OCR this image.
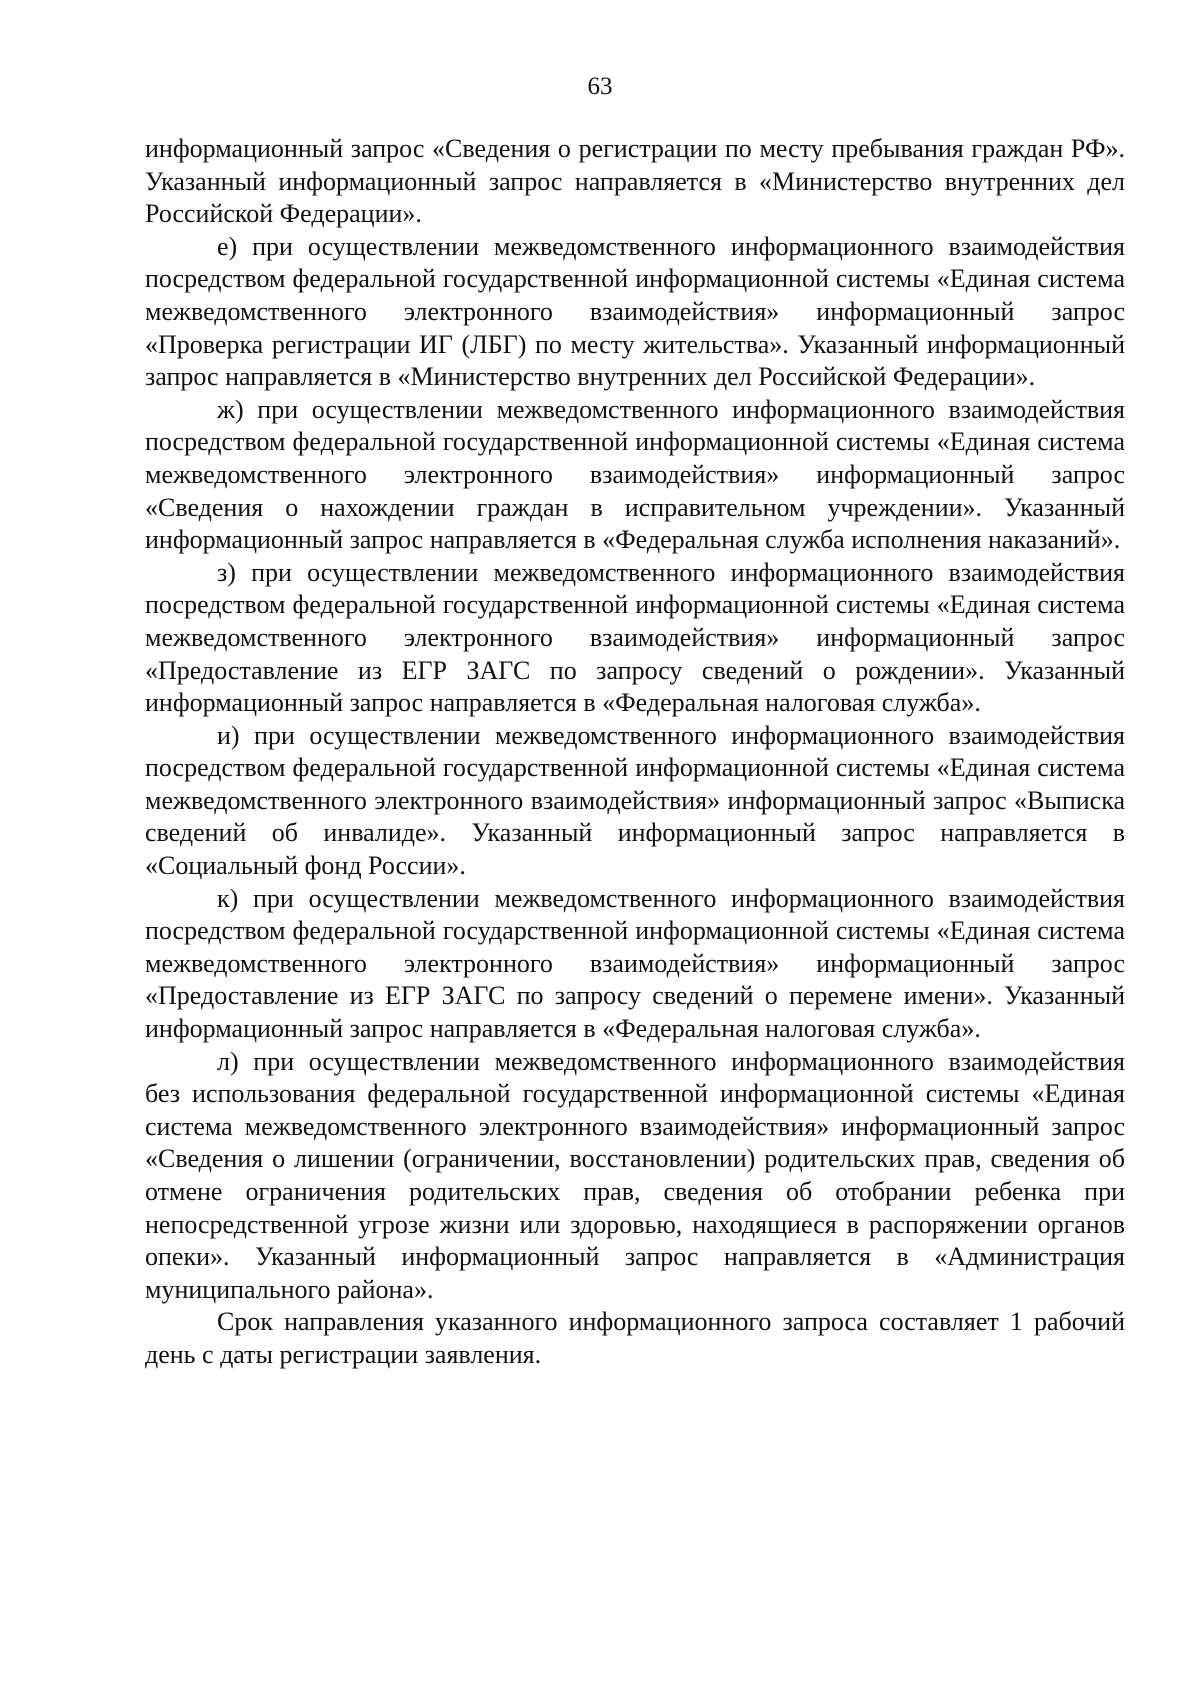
63

информационный запрос «Сведения о регистрации по месту пребывания граждан РФ». Указанный информационный запрос направляется в «Министерство внутренних дел Российской Федерации».

е) при осуществлении межведомственного информационного взаимодействия посредством федеральной государственной информационной системы «Единая система межведомственного электронного взаимодействия» информационный запрос «Проверка регистрации ИГ (ЛБГ) по месту жительства». Указанный информационный запрос направляется в «Министерство внутренних дел Российской Федерации».

ж) при осуществлении межведомственного информационного взаимодействия посредством федеральной государственной информационной системы «Единая система межведомственного электронного взаимодействия» информационный запрос «Сведения о нахождении граждан в исправительном учреждении». Указанный информационный запрос направляется в «Федеральная служба исполнения наказаний».

з) при осуществлении межведомственного информационного взаимодействия посредством федеральной государственной информационной системы «Единая система межведомственного электронного взаимодействия» информационный запрос «Предоставление из ЕГР ЗАГС по запросу сведений о рождении». Указанный информационный запрос направляется в «Федеральная налоговая служба».

и) при осуществлении межведомственного информационного взаимодействия посредством федеральной государственной информационной системы «Единая система межведомственного электронного взаимодействия» информационный запрос «Выписка сведений об инвалиде». Указанный информационный запрос направляется в «Социальный фонд России».

к) при осуществлении межведомственного информационного взаимодействия посредством федеральной государственной информационной системы «Единая система межведомственного электронного взаимодействия» информационный запрос «Предоставление из ЕГР ЗАГС по запросу сведений о перемене имени». Указанный информационный запрос направляется в «Федеральная налоговая служба».

л) при осуществлении межведомственного информационного взаимодействия без использования федеральной государственной информационной системы «Единая система межведомственного электронного взаимодействия» информационный запрос «Сведения о лишении (ограничении, восстановлении) родительских прав, сведения об отмене ограничения родительских прав, сведения об отобрании ребенка при непосредственной угрозе жизни или здоровью, находящиеся в распоряжении органов опеки». Указанный информационный запрос направляется в «Администрация муниципального района».

Срок направления указанного информационного запроса составляет 1 рабочий день с даты регистрации заявления.
